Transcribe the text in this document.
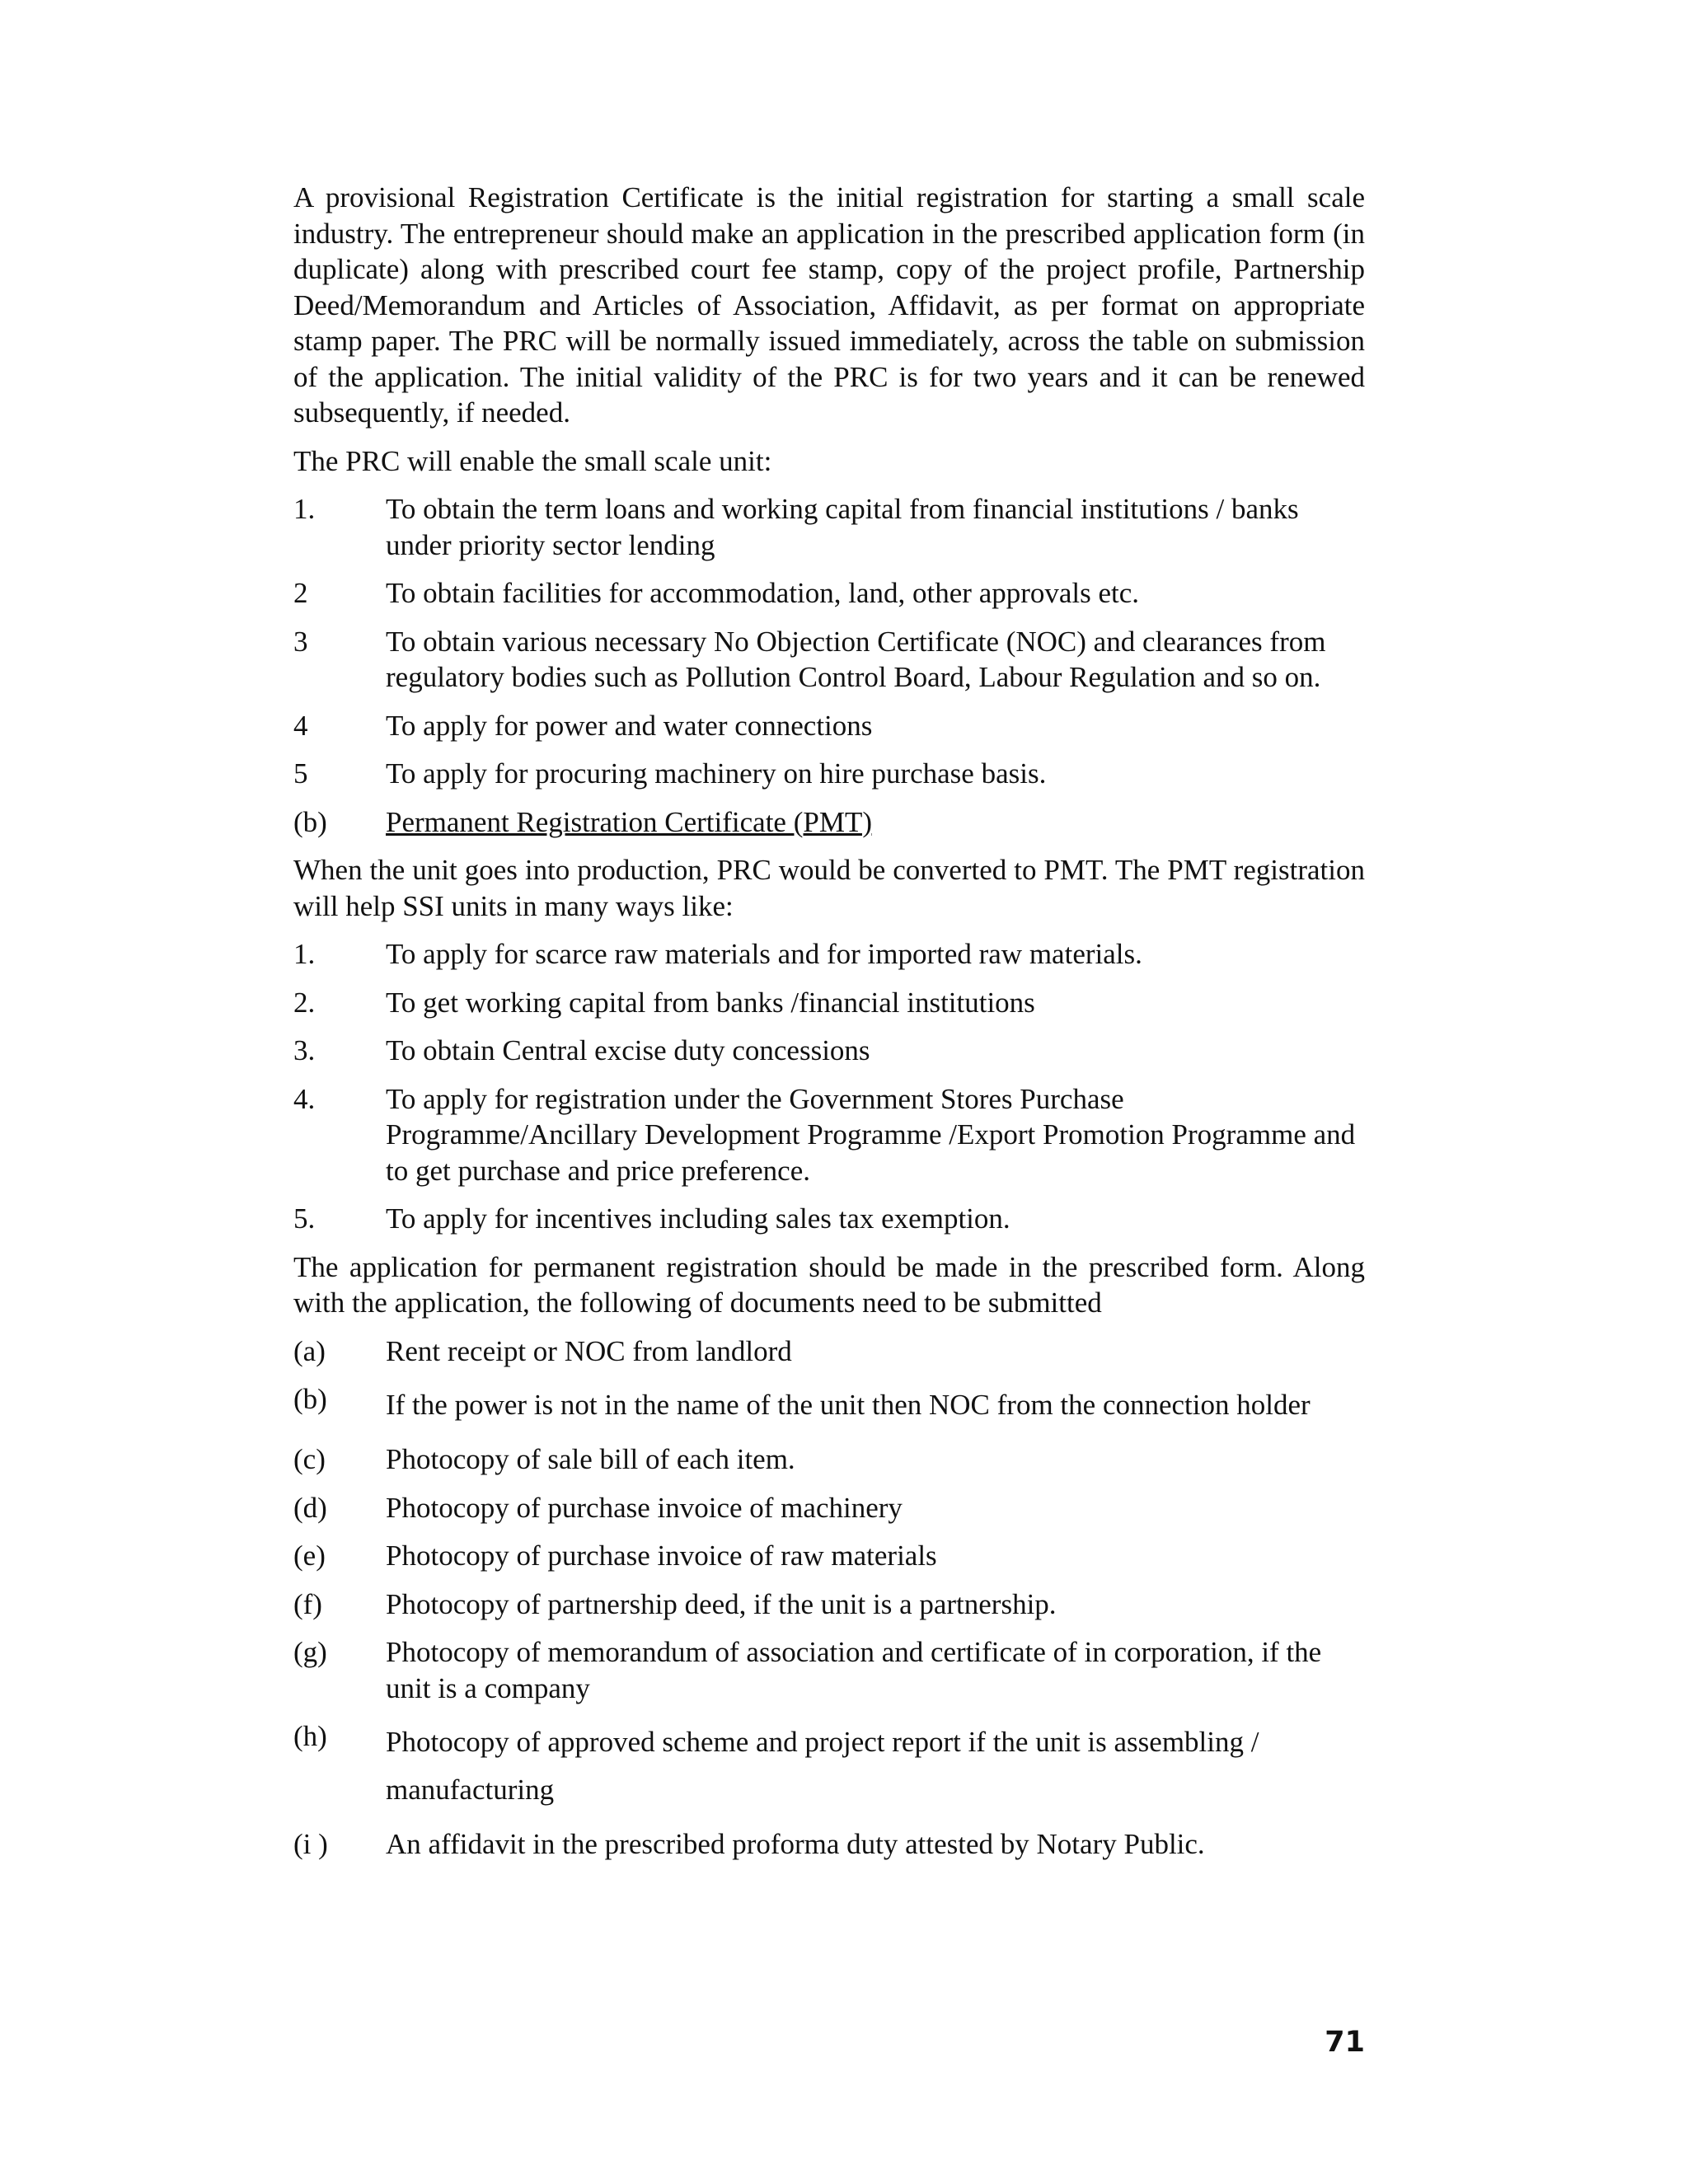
A provisional Registration Certificate is the initial registration for starting a small scale industry. The entrepreneur should make an application in the prescribed application form (in duplicate) along with prescribed court fee stamp, copy of the project profile, Partnership Deed/Memorandum and Articles of Association, Affidavit, as per format on appropriate stamp paper. The PRC will be normally issued immediately, across the table on submission of the application. The initial validity of the PRC is for two years and it can be renewed subsequently, if needed.

The PRC will enable the small scale unit:

1.	To obtain the term loans and working capital from financial institutions / banks under priority sector lending
2	To obtain facilities for accommodation, land, other approvals etc.
3	To obtain various necessary No Objection Certificate (NOC) and clearances from regulatory bodies such as Pollution Control Board, Labour Regulation and so on.
4	To apply for power and water connections
5	To apply for procuring machinery on hire purchase basis.
(b)	Permanent Registration Certificate (PMT)

When the unit goes into production, PRC would be converted to PMT. The PMT registration will help SSI units in many ways like:

1.	To apply for scarce raw materials and for imported raw materials.
2.	To get working capital from banks /financial institutions
3.	To obtain Central excise duty concessions
4.	To apply for registration under the Government Stores Purchase Programme/Ancillary Development Programme /Export Promotion Programme and to get purchase and price preference.
5.	To apply for incentives including sales tax exemption.

The application for permanent registration should be made in the prescribed form. Along with the application, the following of documents need to be submitted

(a)	Rent receipt or NOC from landlord
(b)	If the power is not in the name of the unit then NOC from the connection holder
(c)	Photocopy of sale bill of each item.
(d)	Photocopy of purchase invoice of machinery
(e)	Photocopy of purchase invoice of raw materials
(f)	Photocopy of partnership deed, if the unit is a partnership.
(g)	Photocopy of memorandum of association and certificate of in corporation, if the unit is a company
(h)	Photocopy of approved scheme and project report if the unit is assembling / manufacturing
(i )	An affidavit in the prescribed proforma duty attested by Notary Public.
71
